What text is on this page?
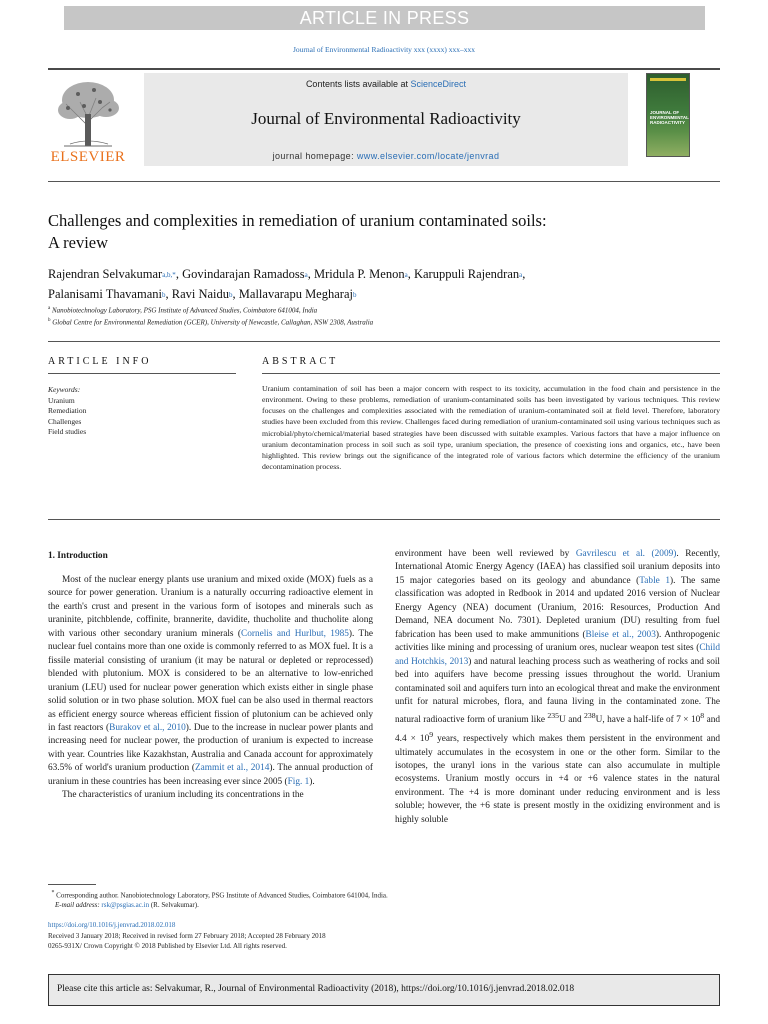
ARTICLE IN PRESS
Journal of Environmental Radioactivity xxx (xxxx) xxx–xxx
ELSEVIER
Contents lists available at ScienceDirect
Journal of Environmental Radioactivity
journal homepage: www.elsevier.com/locate/jenvrad
JOURNAL OF ENVIRONMENTAL RADIOACTIVITY
Challenges and complexities in remediation of uranium contaminated soils:
A review
Rajendran Selvakumar$^{a,b,*}$, Govindarajan Ramadoss$^a$, Mridula P. Menon$^a$, Karuppuli Rajendran$^a$,
Palanisami Thavamani$^b$, Ravi Naidu$^b$, Mallavarapu Megharaj$^b$
$^a$ Nanobiotechnology Laboratory, PSG Institute of Advanced Studies, Coimbatore 641004, India
$^b$ Global Centre for Environmental Remediation (GCER), University of Newcastle, Callaghan, NSW 2308, Australia
ARTICLE INFO	ABSTRACT
Keywords:
Uranium
Remediation
Challenges
Field studies
Uranium contamination of soil has been a major concern with respect to its toxicity, accumulation in the food chain and persistence in the environment. Owing to these problems, remediation of uranium-contaminated soils has been investigated by various techniques. This review focuses on the challenges and complexities associated with the remediation of uranium-contaminated soil at field level. Therefore, laboratory studies have been excluded from this review. Challenges faced during remediation of uranium-contaminated soil using various techniques such as microbial/phyto/chemical/material based strategies have been discussed with suitable examples. Various factors that have a major influence on uranium decontamination process in soil such as soil type, uranium speciation, the presence of coexisting ions and organics, etc., have been highlighted. This review brings out the significance of the integrated role of various factors which determine the efficiency of the uranium decontamination process.
1. Introduction

Most of the nuclear energy plants use uranium and mixed oxide (MOX) fuels as a source for power generation. Uranium is a naturally occurring radioactive element in the earth's crust and present in the various form of isotopes and minerals such as uraninite, pitchblende, coffinite, brannerite, davidite, thucholite and thucholite along with various other secondary uranium minerals (Cornelis and Hurlbut, 1985). The nuclear fuel contains more than one oxide is commonly referred to as MOX fuel. It is a fissile material consisting of uranium (it may be natural or depleted or reprocessed) blended with plutonium. MOX is considered to be an alternative to low-enriched uranium (LEU) used for nuclear power generation which exists either in single phase solid solution or in two phase solution. MOX fuel can be also used in thermal reactors as efficient energy source whereas efficient fission of plutonium can be achieved only in fast reactors (Burakov et al., 2010). Due to the increase in nuclear power plants and increasing need for nuclear power, the production of uranium is expected to increase with year. Countries like Kazakhstan, Australia and Canada account for approximately 63.5% of world's uranium production (Zammit et al., 2014). The annual production of uranium in these countries has been increasing ever since 2005 (Fig. 1).

The characteristics of uranium including its concentrations in the

environment have been well reviewed by Gavrilescu et al. (2009). Recently, International Atomic Energy Agency (IAEA) has classified soil uranium deposits into 15 major categories based on its geology and abundance (Table 1). The same classification was adopted in Redbook in 2014 and updated 2016 version of Nuclear Energy Agency (NEA) document (Uranium, 2016: Resources, Production And Demand, NEA document No. 7301). Depleted uranium (DU) resulting from fuel fabrication has been used to make ammunitions (Bleise et al., 2003). Anthropogenic activities like mining and processing of uranium ores, nuclear weapon test sites (Child and Hotchkis, 2013) and natural leaching process such as weathering of rocks and soil bed into aquifers have become pressing issues throughout the world. Uranium contaminated soil and aquifers turn into an ecological threat and make the environment unfit for natural microbes, flora, and fauna living in the contaminated zone. The natural radioactive form of uranium like $^{235}$U and $^{238}$U, have a half-life of $7 \times 10^8$ and $4.4 \times 10^9$ years, respectively which makes them persistent in the environment and ultimately accumulates in the ecosystem in one or the other form. Similar to the isotopes, the uranyl ions in the various state can also accumulate in multiple ecosystems. Uranium mostly occurs in +4 or +6 valence states in the natural environment. The +4 is more dominant under reducing environment and is less soluble; however, the +6 state is present mostly in the oxidizing environment and is highly soluble

* Corresponding author. Nanobiotechnology Laboratory, PSG Institute of Advanced Studies, Coimbatore 641004, India.
E-mail address: rsk@psgias.ac.in (R. Selvakumar).
https://doi.org/10.1016/j.jenvrad.2018.02.018
Received 3 January 2018; Received in revised form 27 February 2018; Accepted 28 February 2018
0265-931X/ Crown Copyright © 2018 Published by Elsevier Ltd. All rights reserved.
Please cite this article as: Selvakumar, R., Journal of Environmental Radioactivity (2018), https://doi.org/10.1016/j.jenvrad.2018.02.018
